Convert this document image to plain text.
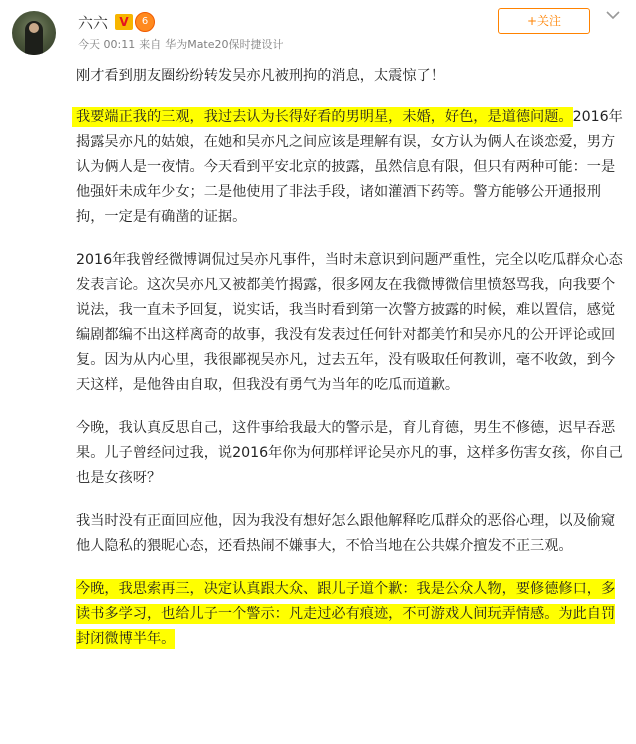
六六 V	6
今天 00:11 来自 华为Mate20保时捷设计
+关注

刚才看到朋友圈纷纷转发吴亦凡被刑拘的消息，太震惊了！

我要端正我的三观，我过去认为长得好看的男明星，未婚，好色，是道德问题。2016年揭露吴亦凡的姑娘，在她和吴亦凡之间应该是理解有误，女方认为俩人在谈恋爱，男方认为俩人是一夜情。今天看到平安北京的披露，虽然信息有限，但只有两种可能：一是他强奸未成年少女；二是他使用了非法手段，诸如灌酒下药等。警方能够公开通报刑拘，一定是有确凿的证据。

2016年我曾经微博调侃过吴亦凡事件，当时未意识到问题严重性，完全以吃瓜群众心态发表言论。这次吴亦凡又被都美竹揭露，很多网友在我微博微信里愤怒骂我，向我要个说法，我一直未予回复，说实话，我当时看到第一次警方披露的时候，难以置信，感觉编剧都编不出这样离奇的故事，我没有发表过任何针对都美竹和吴亦凡的公开评论或回复。因为从内心里，我很鄙视吴亦凡，过去五年，没有吸取任何教训，毫不收敛，到今天这样，是他咎由自取，但我没有勇气为当年的吃瓜而道歉。

今晚，我认真反思自己，这件事给我最大的警示是，育儿育德，男生不修德，迟早吞恶果。儿子曾经问过我，说2016年你为何那样评论吴亦凡的事，这样多伤害女孩，你自己也是女孩呀？

我当时没有正面回应他，因为我没有想好怎么跟他解释吃瓜群众的恶俗心理，以及偷窥他人隐私的猥昵心态，还看热闹不嫌事大，不恰当地在公共媒介擅发不正三观。

今晚，我思索再三，决定认真跟大众、跟儿子道个歉：我是公众人物，要修德修口，多读书多学习，也给儿子一个警示：凡走过必有痕迹，不可游戏人间玩弄情感。为此自罚封闭微博半年。
